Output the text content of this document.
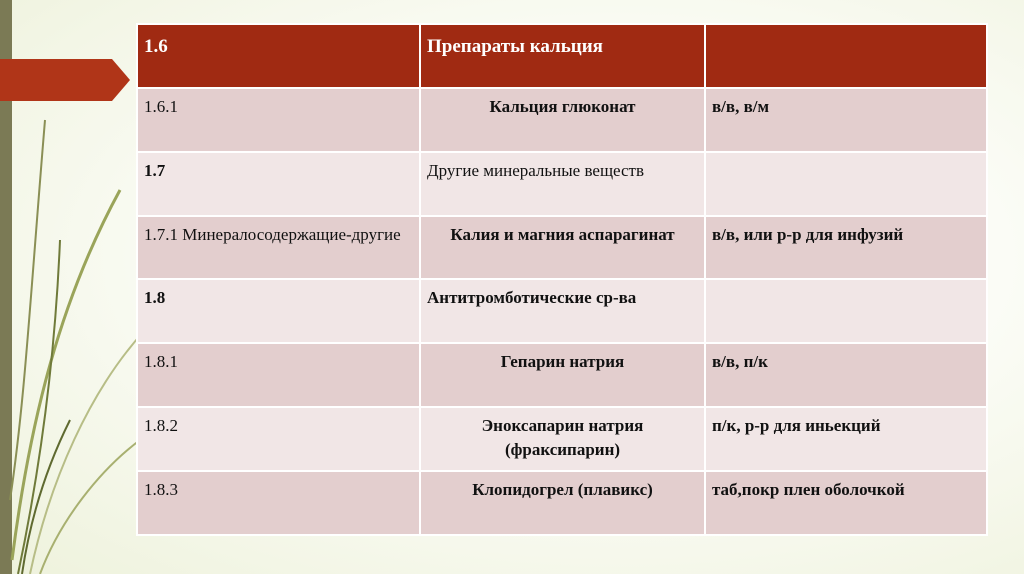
1.6	Препараты кальция	
1.6.1	Кальция глюконат	в/в, в/м
1.7	Другие минеральные веществ	
1.7.1 Минералосодержащие-другие	Калия и магния аспарагинат	в/в, или р-р для инфузий
1.8	Антитромботические ср-ва	
1.8.1	Гепарин натрия	в/в, п/к
1.8.2	Эноксапарин натрия (фраксипарин)	п/к, р-р для иньекций
1.8.3	Клопидогрел (плавикс)	таб,покр плен оболочкой
